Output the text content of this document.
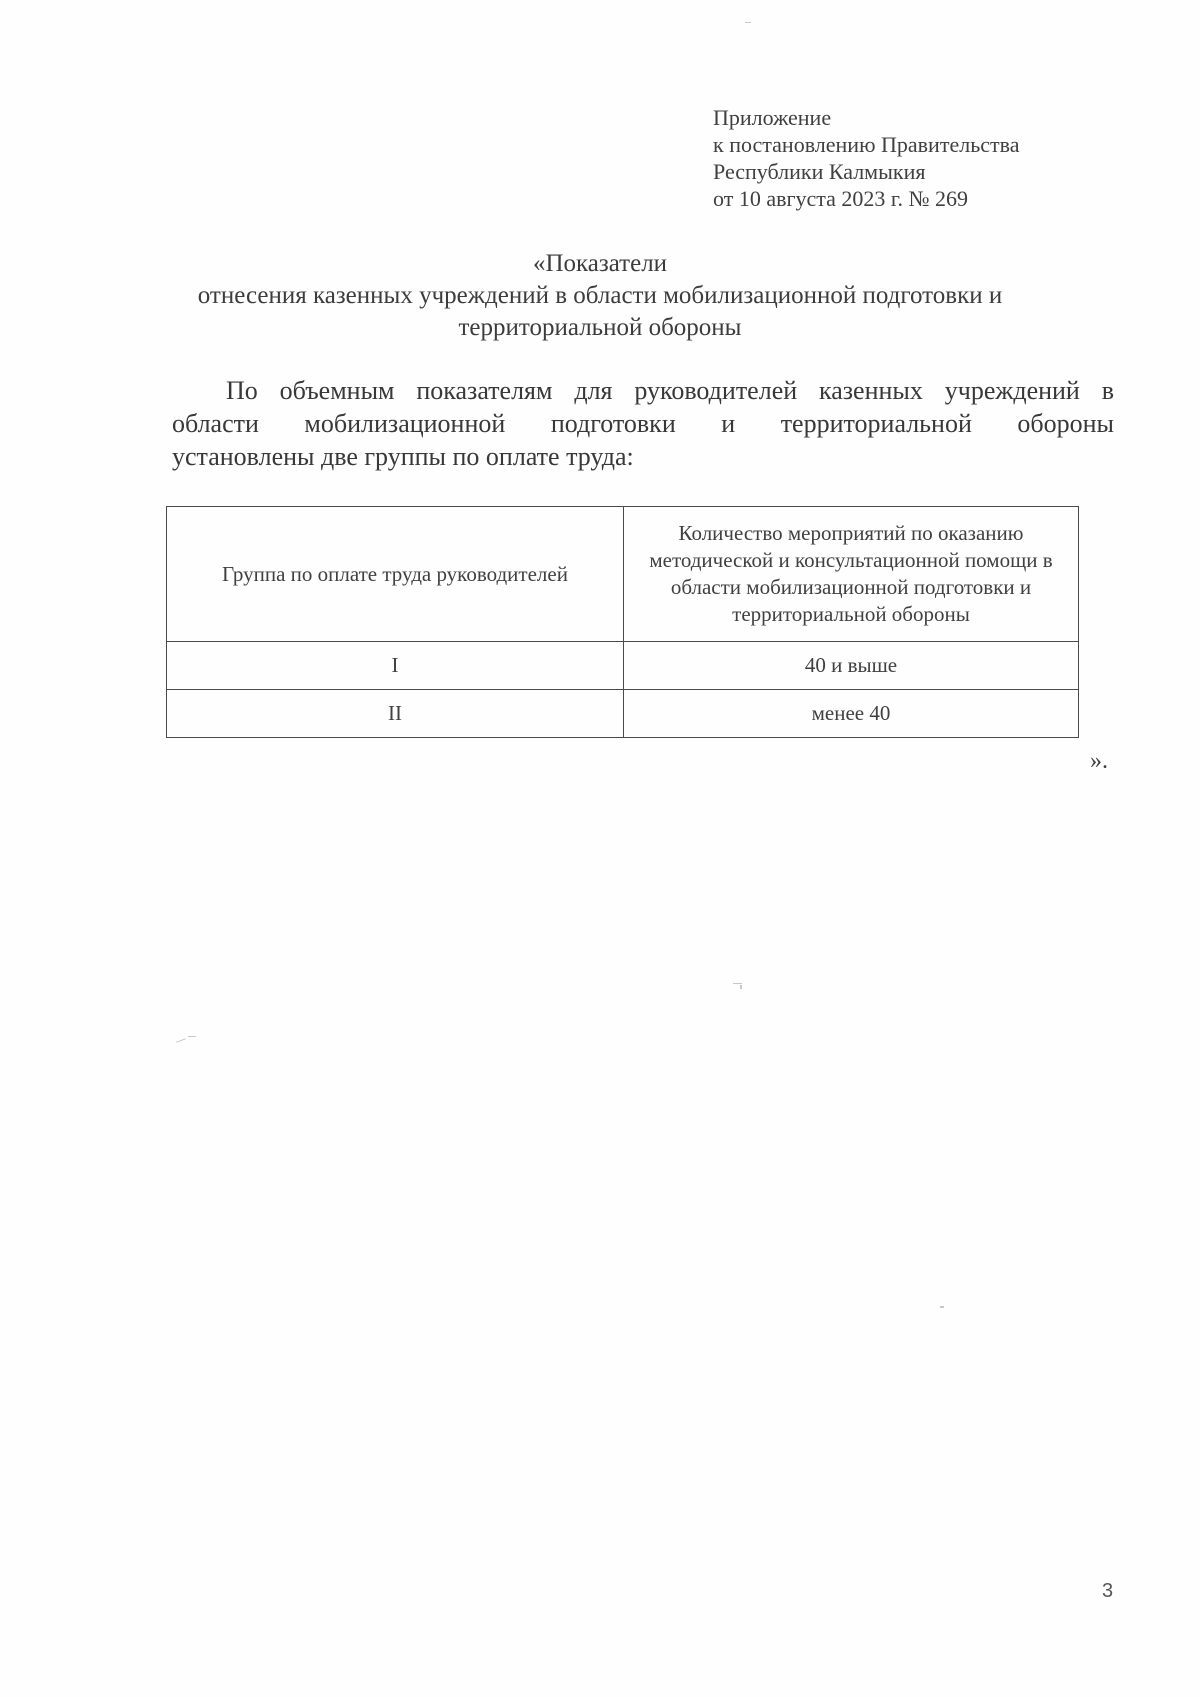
Приложение
к постановлению Правительства
Республики Калмыкия
от 10 августа 2023 г. № 269
«Показатели
отнесения казенных учреждений в области мобилизационной подготовки и
территориальной обороны
По объемным показателям для руководителей казенных учреждений в
области мобилизационной подготовки и территориальной обороны
установлены две группы по оплате труда:
Группа по оплате труда руководителей	Количество мероприятий по оказанию методической и консультационной помощи в области мобилизационной подготовки и территориальной обороны
I	40 и выше
II	менее 40
».
3
